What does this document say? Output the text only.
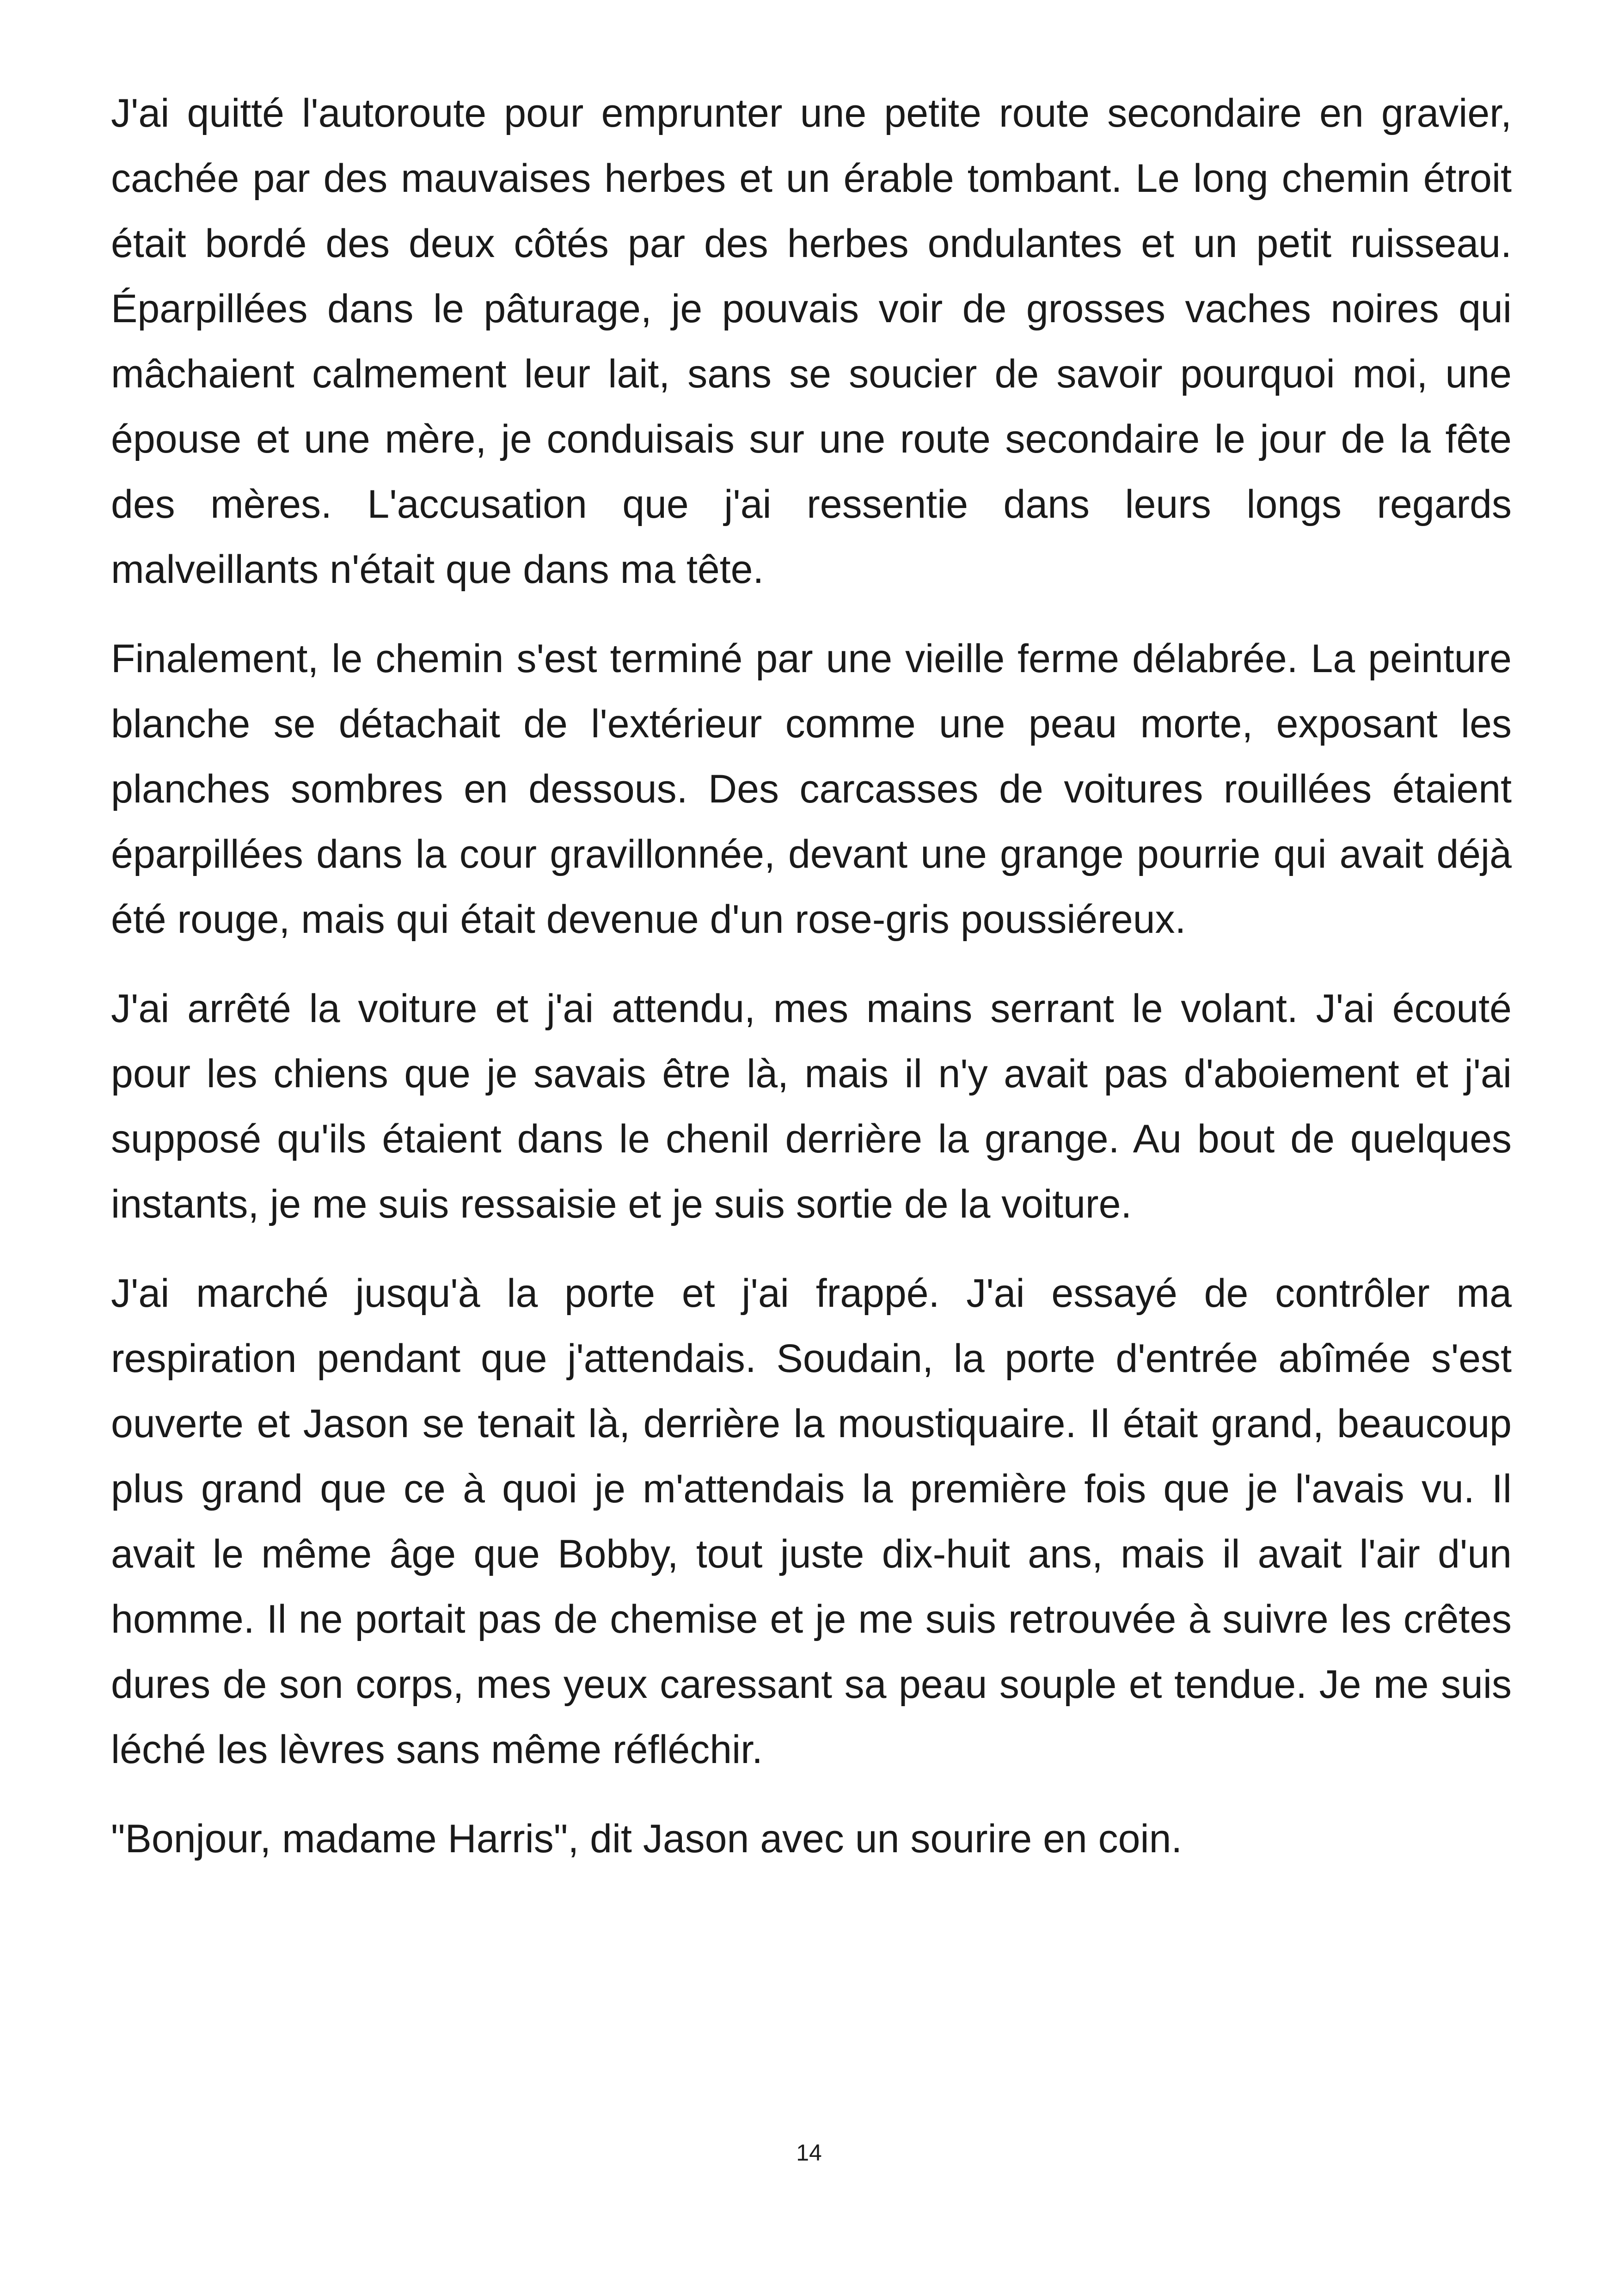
J'ai quitté l'autoroute pour emprunter une petite route secondaire en gravier, cachée par des mauvaises herbes et un érable tombant. Le long chemin étroit était bordé des deux côtés par des herbes ondulantes et un petit ruisseau. Éparpillées dans le pâturage, je pouvais voir de grosses vaches noires qui mâchaient calmement leur lait, sans se soucier de savoir pourquoi moi, une épouse et une mère, je conduisais sur une route secondaire le jour de la fête des mères. L'accusation que j'ai ressentie dans leurs longs regards malveillants n'était que dans ma tête.

Finalement, le chemin s'est terminé par une vieille ferme délabrée. La peinture blanche se détachait de l'extérieur comme une peau morte, exposant les planches sombres en dessous. Des carcasses de voitures rouillées étaient éparpillées dans la cour gravillonnée, devant une grange pourrie qui avait déjà été rouge, mais qui était devenue d'un rose-gris poussiéreux.

J'ai arrêté la voiture et j'ai attendu, mes mains serrant le volant. J'ai écouté pour les chiens que je savais être là, mais il n'y avait pas d'aboiement et j'ai supposé qu'ils étaient dans le chenil derrière la grange. Au bout de quelques instants, je me suis ressaisie et je suis sortie de la voiture.

J'ai marché jusqu'à la porte et j'ai frappé. J'ai essayé de contrôler ma respiration pendant que j'attendais. Soudain, la porte d'entrée abîmée s'est ouverte et Jason se tenait là, derrière la moustiquaire. Il était grand, beaucoup plus grand que ce à quoi je m'attendais la première fois que je l'avais vu. Il avait le même âge que Bobby, tout juste dix-huit ans, mais il avait l'air d'un homme. Il ne portait pas de chemise et je me suis retrouvée à suivre les crêtes dures de son corps, mes yeux caressant sa peau souple et tendue. Je me suis léché les lèvres sans même réfléchir.

"Bonjour, madame Harris", dit Jason avec un sourire en coin.

14
